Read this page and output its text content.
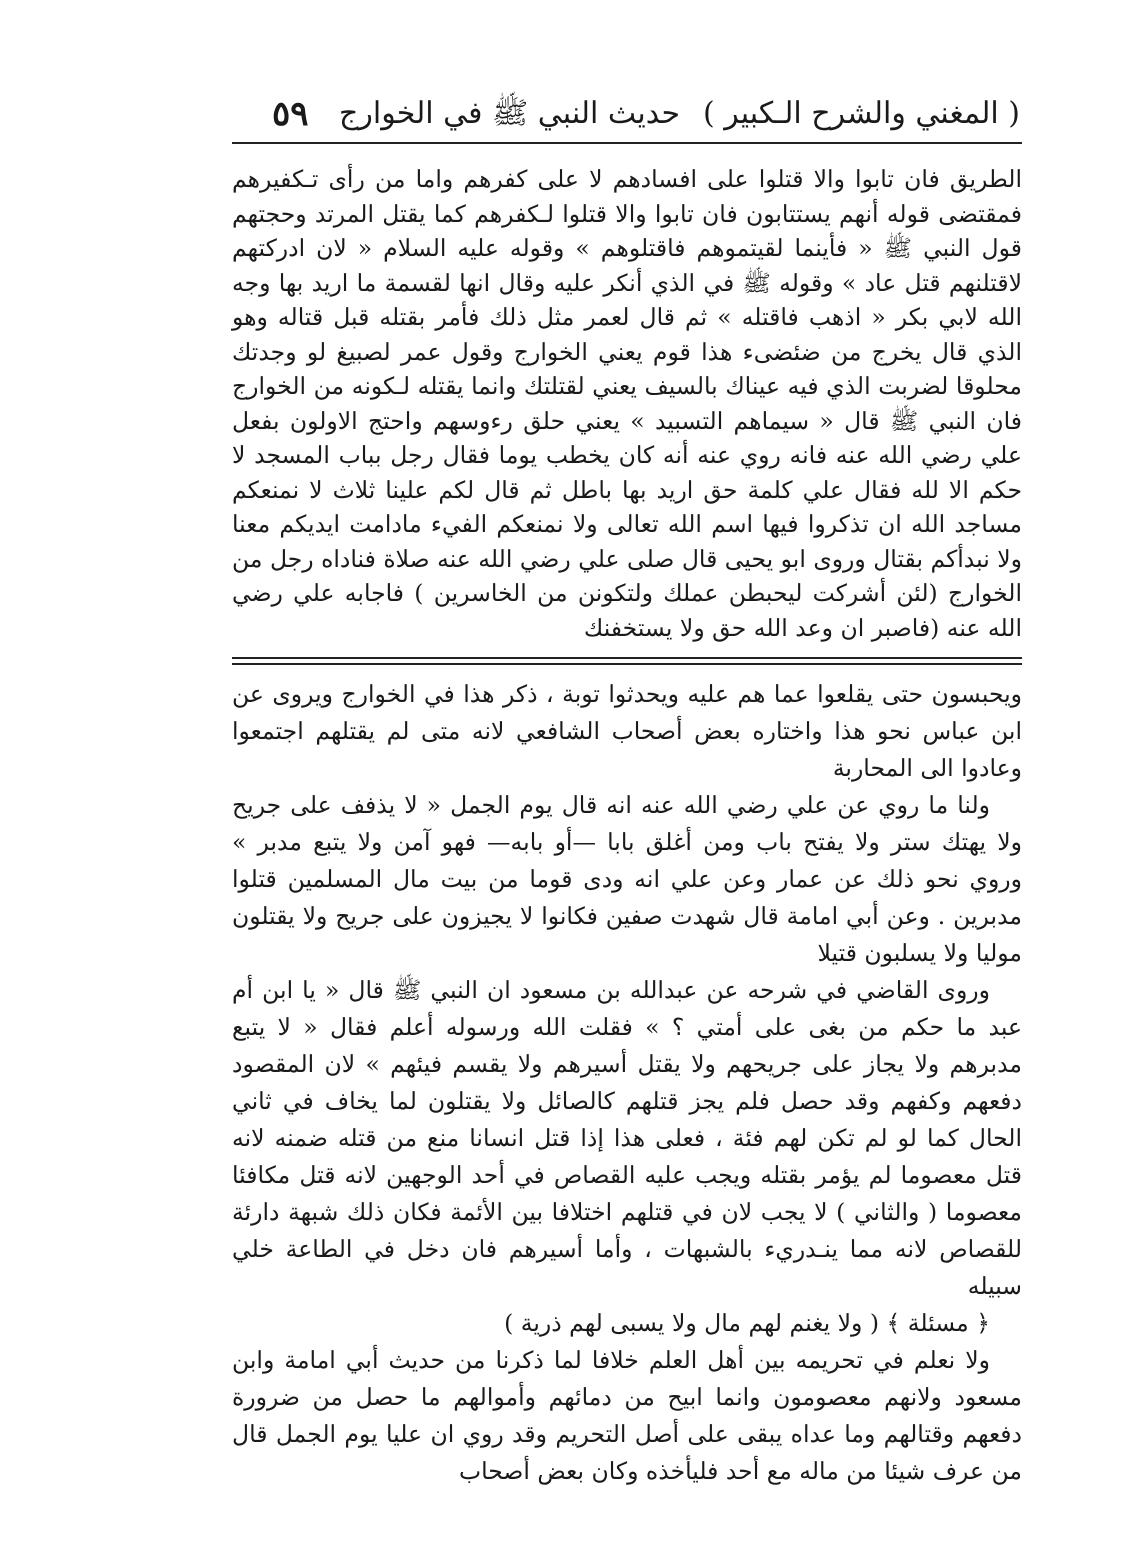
( المغني والشرح الـكبير )
حديث النبي ﷺ في الخوارج
٥٩

الطريق فان تابوا والا قتلوا على افسادهم لا على كفرهم واما من رأى تـكفيرهم فمقتضى قوله أنهم يستتابون فان تابوا والا قتلوا لـكفرهم كما يقتل المرتد وحجتهم قول النبي ﷺ « فأينما لقيتموهم فاقتلوهم » وقوله عليه السلام « لان ادركتهم لاقتلنهم قتل عاد » وقوله ﷺ في الذي أنكر عليه وقال انها لقسمة ما اريد بها وجه الله لابي بكر « اذهب فاقتله » ثم قال لعمر مثل ذلك فأمر بقتله قبل قتاله وهو الذي قال يخرج من ضئضىء هذا قوم يعني الخوارج وقول عمر لصبيغ لو وجدتك محلوقا لضربت الذي فيه عيناك بالسيف يعني لقتلتك وانما يقتله لـكونه من الخوارج فان النبي ﷺ قال « سيماهم التسبيد » يعني حلق رءوسهم واحتج الاولون بفعل علي رضي الله عنه فانه روي عنه أنه كان يخطب يوما فقال رجل بباب المسجد لا حكم الا لله فقال علي كلمة حق اريد بها باطل ثم قال لكم علينا ثلاث لا نمنعكم مساجد الله ان تذكروا فيها اسم الله تعالى ولا نمنعكم الفيء مادامت ايديكم معنا ولا نبدأكم بقتال وروى ابو يحيى قال صلى علي رضي الله عنه صلاة فناداه رجل من الخوارج (لئن أشركت ليحبطن عملك ولتكونن من الخاسرين ) فاجابه علي رضي الله عنه (فاصبر ان وعد الله حق ولا يستخفنك

ويحبسون حتى يقلعوا عما هم عليه ويحدثوا توبة ، ذكر هذا في الخوارج ويروى عن ابن عباس نحو هذا واختاره بعض أصحاب الشافعي لانه متى لم يقتلهم اجتمعوا وعادوا الى المحاربة

ولنا ما روي عن علي رضي الله عنه انه قال يوم الجمل « لا يذفف على جريح ولا يهتك ستر ولا يفتح باب ومن أغلق بابا —أو بابه— فهو آمن ولا يتبع مدبر » وروي نحو ذلك عن عمار وعن علي انه ودى قوما من بيت مال المسلمين قتلوا مدبرين . وعن أبي امامة قال شهدت صفين فكانوا لا يجيزون على جريح ولا يقتلون موليا ولا يسلبون قتيلا

وروى القاضي في شرحه عن عبدالله بن مسعود ان النبي ﷺ قال « يا ابن أم عبد ما حكم من بغى على أمتي ؟ » فقلت الله ورسوله أعلم فقال « لا يتبع مدبرهم ولا يجاز على جريحهم ولا يقتل أسيرهم ولا يقسم فيئهم » لان المقصود دفعهم وكفهم وقد حصل فلم يجز قتلهم كالصائل ولا يقتلون لما يخاف في ثاني الحال كما لو لم تكن لهم فئة ، فعلى هذا إذا قتل انسانا منع من قتله ضمنه لانه قتل معصوما لم يؤمر بقتله ويجب عليه القصاص في أحد الوجهين لانه قتل مكافئا معصوما ( والثاني ) لا يجب لان في قتلهم اختلافا بين الأئمة فكان ذلك شبهة دارئة للقصاص لانه مما ينـدريء بالشبهات ، وأما أسيرهم فان دخل في الطاعة خلي سبيله

﴿ مسئلة ﴾ ( ولا يغنم لهم مال ولا يسبى لهم ذرية )

ولا نعلم في تحريمه بين أهل العلم خلافا لما ذكرنا من حديث أبي امامة وابن مسعود ولانهم معصومون وانما ابيح من دمائهم وأموالهم ما حصل من ضرورة دفعهم وقتالهم وما عداه يبقى على أصل التحريم وقد روي ان عليا يوم الجمل قال من عرف شيئا من ماله مع أحد فليأخذه وكان بعض أصحاب
